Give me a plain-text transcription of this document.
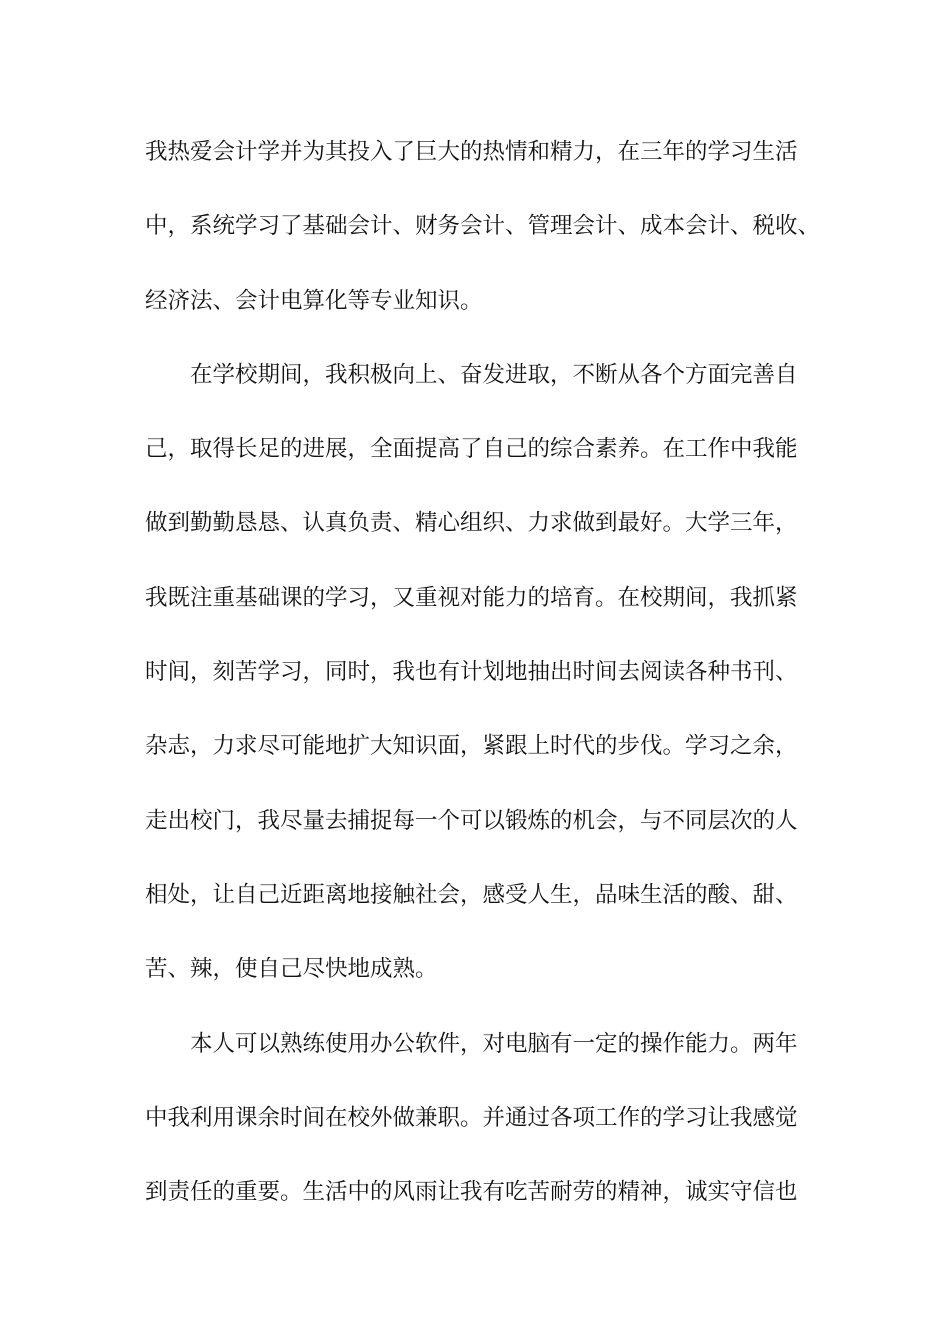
我热爱会计学并为其投入了巨大的热情和精力，在三年的学习生活
中，系统学习了基础会计、财务会计、管理会计、成本会计、税收、
经济法、会计电算化等专业知识。
在学校期间，我积极向上、奋发进取，不断从各个方面完善自
己，取得长足的进展，全面提高了自己的综合素养。在工作中我能
做到勤勤恳恳、认真负责、精心组织、力求做到最好。大学三年，
我既注重基础课的学习，又重视对能力的培育。在校期间，我抓紧
时间，刻苦学习，同时，我也有计划地抽出时间去阅读各种书刊、
杂志，力求尽可能地扩大知识面，紧跟上时代的步伐。学习之余，
走出校门，我尽量去捕捉每一个可以锻炼的机会，与不同层次的人
相处，让自己近距离地接触社会，感受人生，品味生活的酸、甜、
苦、辣，使自己尽快地成熟。
本人可以熟练使用办公软件，对电脑有一定的操作能力。两年
中我利用课余时间在校外做兼职。并通过各项工作的学习让我感觉
到责任的重要。生活中的风雨让我有吃苦耐劳的精神，诚实守信也
